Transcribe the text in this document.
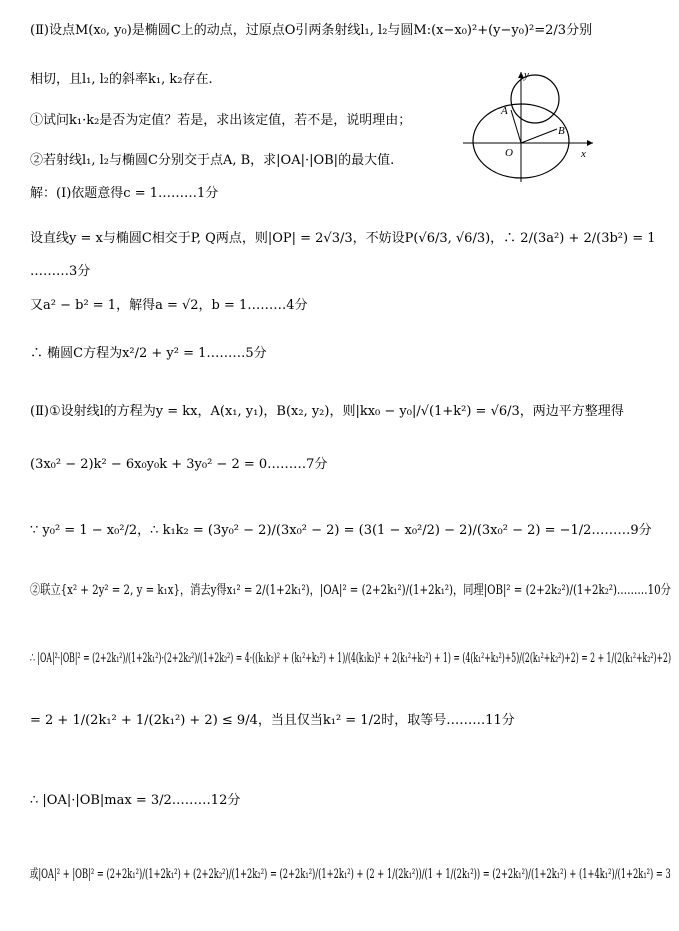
(Ⅱ)设点M(x₀, y₀)是椭圆C上的动点，过原点O引两条射线l₁, l₂与圆M:(x−x₀)²+(y−y₀)²=2/3分别
相切，且l₁, l₂的斜率k₁, k₂存在.
①试问k₁·k₂是否为定值？若是，求出该定值，若不是，说明理由；
②若射线l₁, l₂与椭圆C分别交于点A, B，求|OA|·|OB|的最大值.
y
x
O
A
B
解：(Ⅰ)依题意得c = 1………1分
设直线y = x与椭圆C相交于P, Q两点，则|OP| = 2√3/3，不妨设P(√6/3, √6/3)，∴ 2/(3a²) + 2/(3b²) = 1
………3分
又a² − b² = 1，解得a = √2，b = 1………4分
∴ 椭圆C方程为x²/2 + y² = 1………5分
(Ⅱ)①设射线l的方程为y = kx，A(x₁, y₁)，B(x₂, y₂)，则|kx₀ − y₀|/√(1+k²) = √6/3，两边平方整理得
(3x₀² − 2)k² − 6x₀y₀k + 3y₀² − 2 = 0………7分
∵ y₀² = 1 − x₀²/2，∴ k₁k₂ = (3y₀² − 2)/(3x₀² − 2) = (3(1 − x₀²/2) − 2)/(3x₀² − 2) = −1/2………9分
②联立{x² + 2y² = 2, y = k₁x}，消去y得x₁² = 2/(1+2k₁²)，|OA|² = (2+2k₁²)/(1+2k₁²)，同理|OB|² = (2+2k₂²)/(1+2k₂²)………10分
∴ |OA|²·|OB|² = (2+2k₁²)/(1+2k₁²)·(2+2k₂²)/(1+2k₂²) = 4·((k₁k₂)² + (k₁²+k₂²) + 1)/(4(k₁k₂)² + 2(k₁²+k₂²) + 1) = (4(k₁²+k₂²)+5)/(2(k₁²+k₂²)+2) = 2 + 1/(2(k₁²+k₂²)+2)
= 2 + 1/(2k₁² + 1/(2k₁²) + 2) ≤ 9/4，当且仅当k₁² = 1/2时，取等号………11分
∴ |OA|·|OB|max = 3/2………12分
或|OA|² + |OB|² = (2+2k₁²)/(1+2k₁²) + (2+2k₂²)/(1+2k₂²) = (2+2k₁²)/(1+2k₁²) + (2 + 1/(2k₁²))/(1 + 1/(2k₁²)) = (2+2k₁²)/(1+2k₁²) + (1+4k₁²)/(1+2k₁²) = 3
